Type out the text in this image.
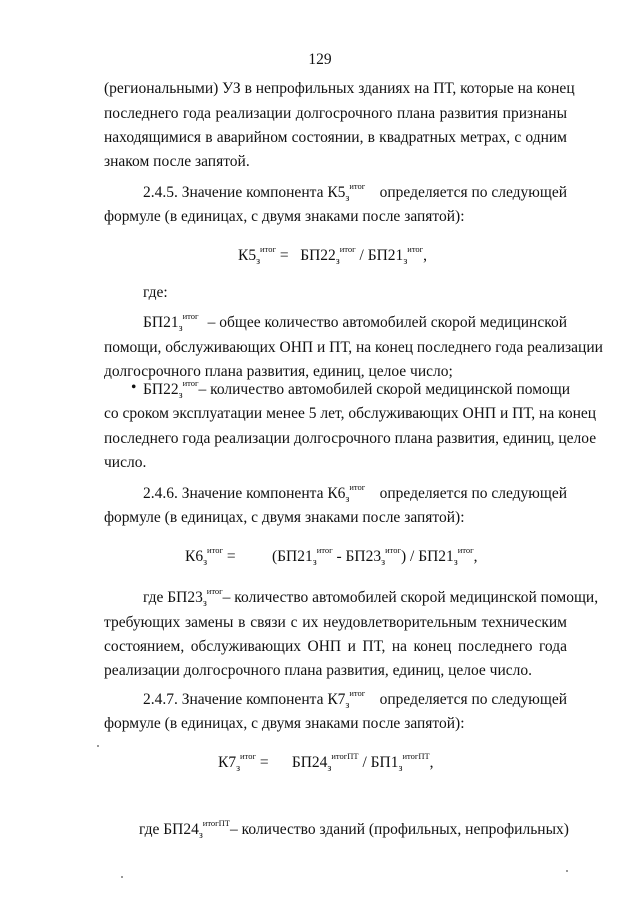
129
(региональными) УЗ в непрофильных зданиях на ПТ, которые на конец
последнего года реализации долгосрочного плана развития признаны
находящимися в аварийном состоянии, в квадратных метрах, с одним
знаком после запятой.
2.4.5. Значение компонента $К5_з^{итог}$ определяется по следующей
формуле (в единицах, с двумя знаками после запятой):
$К5_з^{итог} = БП22_з^{итог} / БП21_з^{итог}$,
где:
$БП21_з^{итог}$ – общее количество автомобилей скорой медицинской
помощи, обслуживающих ОНП и ПТ, на конец последнего года реализации
долгосрочного плана развития, единиц, целое число;
• $БП22_з^{итог}$ – количество автомобилей скорой медицинской помощи
со сроком эксплуатации менее 5 лет, обслуживающих ОНП и ПТ, на конец
последнего года реализации долгосрочного плана развития, единиц, целое
число.
2.4.6. Значение компонента $К6_з^{итог}$ определяется по следующей
формуле (в единицах, с двумя знаками после запятой):
$К6_з^{итог} = (БП21_з^{итог} - БП23_з^{итог}) / БП21_з^{итог}$,
где $БП23_з^{итог}$ – количество автомобилей скорой медицинской помощи,
требующих замены в связи с их неудовлетворительным техническим
состоянием, обслуживающих ОНП и ПТ, на конец последнего года
реализации долгосрочного плана развития, единиц, целое число.
2.4.7. Значение компонента $К7_з^{итог}$ определяется по следующей
формуле (в единицах, с двумя знаками после запятой):
$К7_з^{итог}$ =      $БП24_з^{итогПТ} / БП1_з^{итогПТ}$,
где $БП24_з^{итогПТ}$ – количество зданий (профильных, непрофильных)
